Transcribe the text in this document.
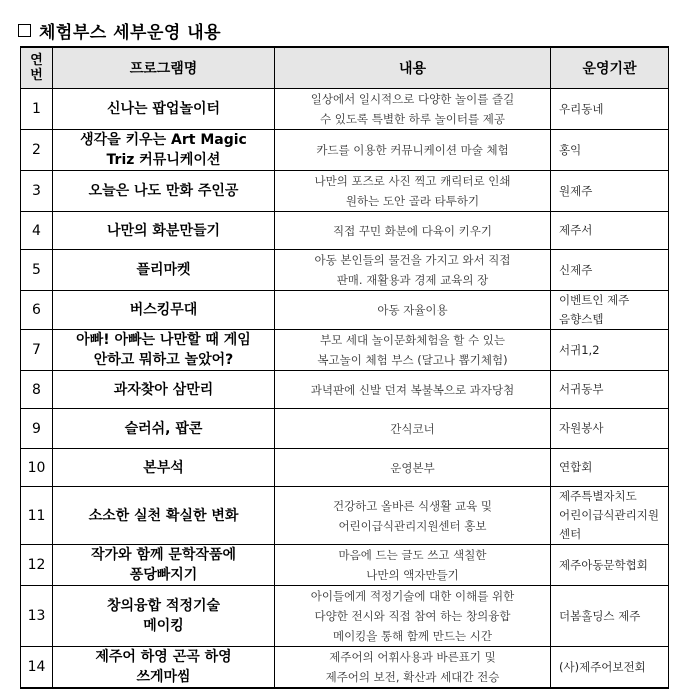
체험부스 세부운영 내용
연
번	프로그램명	내용	운영기관
1	신나는 팝업놀이터	일상에서 일시적으로 다양한 놀이를 즐길
수 있도록 특별한 하루 놀이터를 제공	우리동네
2	생각을 키우는 Art Magic
Triz 커뮤니케이션	카드를 이용한 커뮤니케이션 마술 체험	홍익
3	오늘은 나도 만화 주인공	나만의 포즈로 사진 찍고 캐릭터로 인쇄
원하는 도안 골라 타투하기	원제주
4	나만의 화분만들기	직접 꾸민 화분에 다육이 키우기	제주서
5	플리마켓	아동 본인들의 물건을 가지고 와서 직접
판매. 재활용과 경제 교육의 장	신제주
6	버스킹무대	아동 자율이용	이벤트인 제주
음향스텝
7	아빠! 아빠는 나만할 때 게임
안하고 뭐하고 놀았어?	부모 세대 놀이문화체험을 할 수 있는
복고놀이 체험 부스 (달고나 뽑기체험)	서귀1,2
8	과자찾아 삼만리	과녁판에 신발 던져 복불복으로 과자당첨	서귀동부
9	슬러쉬, 팝콘	간식코너	자원봉사
10	본부석	운영본부	연합회
11	소소한 실천 확실한 변화	건강하고 올바른 식생활 교육 및
어린이급식관리지원센터 홍보	제주특별자치도
어린이급식관리지원
센터
12	작가와 함께 문학작품에
퐁당빠지기	마음에 드는 글도 쓰고 색칠한
나만의 액자만들기	제주아동문학협회
13	창의융합 적정기술
메이킹	아이들에게 적정기술에 대한 이해를 위한
다양한 전시와 직접 참여 하는 창의융합
메이킹을 통해 함께 만드는 시간	더봄홀딩스 제주
14	제주어 하영 곤곡 하영
쓰게마씸	제주어의 어휘사용과 바른표기 및
제주어의 보전, 확산과 세대간 전승	(사)제주어보전회
